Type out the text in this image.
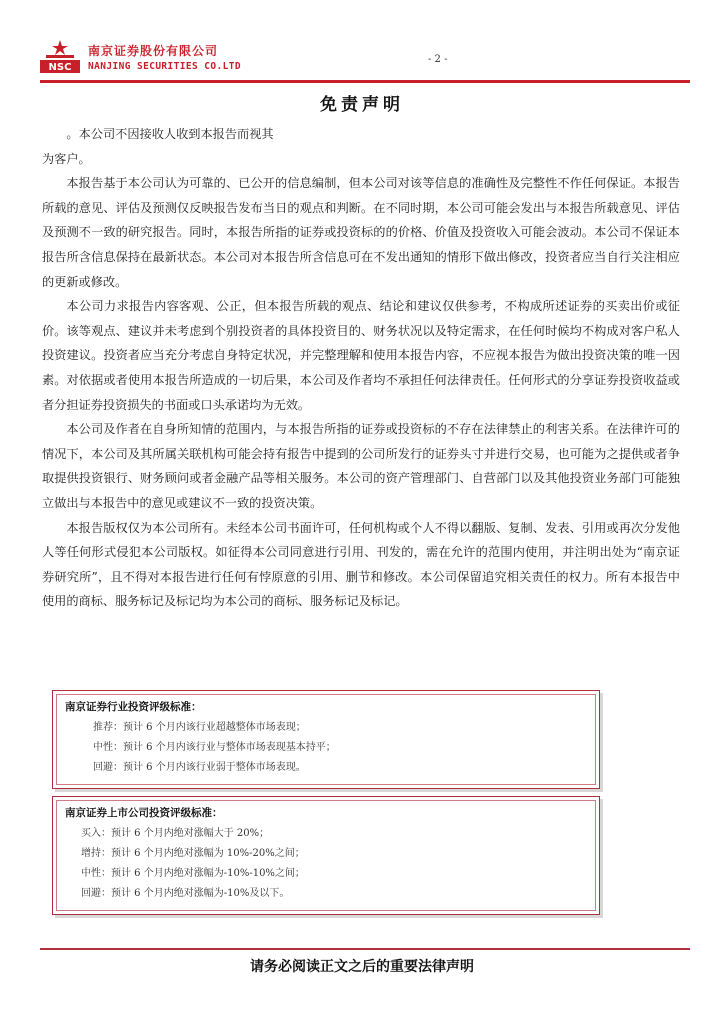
NSC
南京证券股份有限公司
NANJING SECURITIES CO.LTD
- 2 -
免责声明

。本公司不因接收人收到本报告而视其

为客户。

本报告基于本公司认为可靠的、已公开的信息编制，但本公司对该等信息的准确性及完整性不作任何保证。本报告所载的意见、评估及预测仅反映报告发布当日的观点和判断。在不同时期，本公司可能会发出与本报告所载意见、评估及预测不一致的研究报告。同时，本报告所指的证券或投资标的的价格、价值及投资收入可能会波动。本公司不保证本报告所含信息保持在最新状态。本公司对本报告所含信息可在不发出通知的情形下做出修改，投资者应当自行关注相应的更新或修改。

本公司力求报告内容客观、公正，但本报告所载的观点、结论和建议仅供参考，不构成所述证券的买卖出价或征价。该等观点、建议并未考虑到个别投资者的具体投资目的、财务状况以及特定需求，在任何时候均不构成对客户私人投资建议。投资者应当充分考虑自身特定状况，并完整理解和使用本报告内容，不应视本报告为做出投资决策的唯一因素。对依据或者使用本报告所造成的一切后果，本公司及作者均不承担任何法律责任。任何形式的分享证券投资收益或者分担证券投资损失的书面或口头承诺均为无效。

本公司及作者在自身所知情的范围内，与本报告所指的证券或投资标的不存在法律禁止的利害关系。在法律许可的情况下，本公司及其所属关联机构可能会持有报告中提到的公司所发行的证券头寸并进行交易，也可能为之提供或者争取提供投资银行、财务顾问或者金融产品等相关服务。本公司的资产管理部门、自营部门以及其他投资业务部门可能独立做出与本报告中的意见或建议不一致的投资决策。

本报告版权仅为本公司所有。未经本公司书面许可，任何机构或个人不得以翻版、复制、发表、引用或再次分发他人等任何形式侵犯本公司版权。如征得本公司同意进行引用、刊发的，需在允许的范围内使用，并注明出处为“南京证券研究所”，且不得对本报告进行任何有悖原意的引用、删节和修改。本公司保留追究相关责任的权力。所有本报告中使用的商标、服务标记及标记均为本公司的商标、服务标记及标记。

南京证券行业投资评级标准：
推荐：预计 6 个月内该行业超越整体市场表现；
中性：预计 6 个月内该行业与整体市场表现基本持平；
回避：预计 6 个月内该行业弱于整体市场表现。
南京证券上市公司投资评级标准：
买入：预计 6 个月内绝对涨幅大于 20%；
增持：预计 6 个月内绝对涨幅为 10%-20%之间；
中性：预计 6 个月内绝对涨幅为-10%-10%之间；
回避：预计 6 个月内绝对涨幅为-10%及以下。
请务必阅读正文之后的重要法律声明
